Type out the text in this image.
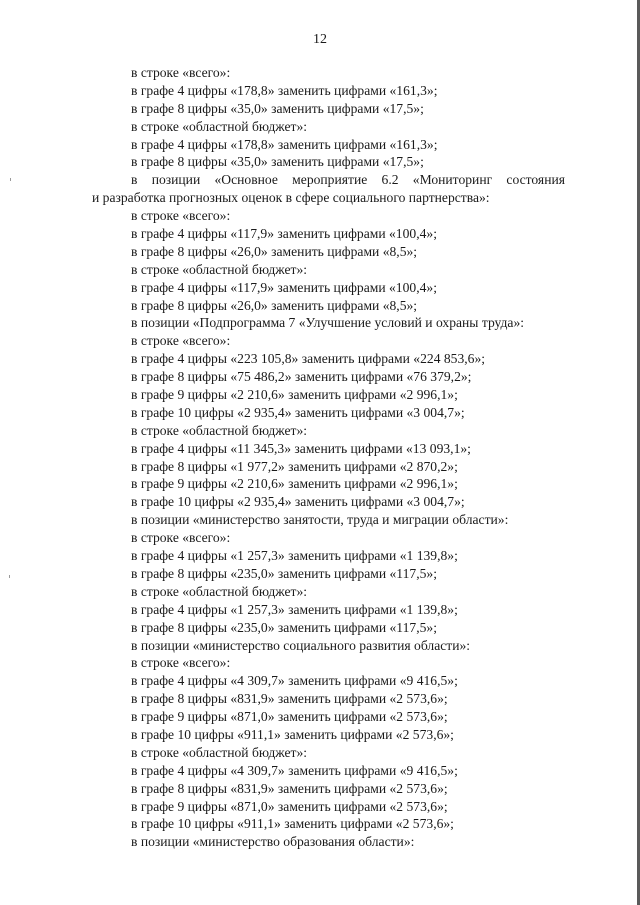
12
в строке «всего»:
в графе 4 цифры «178,8» заменить цифрами «161,3»;
в графе 8 цифры «35,0» заменить цифрами «17,5»;
в строке «областной бюджет»:
в графе 4 цифры «178,8» заменить цифрами «161,3»;
в графе 8 цифры «35,0» заменить цифрами «17,5»;
в позиции «Основное мероприятие 6.2 «Мониторинг состояния
и разработка прогнозных оценок в сфере социального партнерства»:
в строке «всего»:
в графе 4 цифры «117,9» заменить цифрами «100,4»;
в графе 8 цифры «26,0» заменить цифрами «8,5»;
в строке «областной бюджет»:
в графе 4 цифры «117,9» заменить цифрами «100,4»;
в графе 8 цифры «26,0» заменить цифрами «8,5»;
в позиции «Подпрограмма 7 «Улучшение условий и охраны труда»:
в строке «всего»:
в графе 4 цифры «223 105,8» заменить цифрами «224 853,6»;
в графе 8 цифры «75 486,2» заменить цифрами «76 379,2»;
в графе 9 цифры «2 210,6» заменить цифрами «2 996,1»;
в графе 10 цифры «2 935,4» заменить цифрами «3 004,7»;
в строке «областной бюджет»:
в графе 4 цифры «11 345,3» заменить цифрами «13 093,1»;
в графе 8 цифры «1 977,2» заменить цифрами «2 870,2»;
в графе 9 цифры «2 210,6» заменить цифрами «2 996,1»;
в графе 10 цифры «2 935,4» заменить цифрами «3 004,7»;
в позиции «министерство занятости, труда и миграции области»:
в строке «всего»:
в графе 4 цифры «1 257,3» заменить цифрами «1 139,8»;
в графе 8 цифры «235,0» заменить цифрами «117,5»;
в строке «областной бюджет»:
в графе 4 цифры «1 257,3» заменить цифрами «1 139,8»;
в графе 8 цифры «235,0» заменить цифрами «117,5»;
в позиции «министерство социального развития области»:
в строке «всего»:
в графе 4 цифры «4 309,7» заменить цифрами «9 416,5»;
в графе 8 цифры «831,9» заменить цифрами «2 573,6»;
в графе 9 цифры «871,0» заменить цифрами «2 573,6»;
в графе 10 цифры «911,1» заменить цифрами «2 573,6»;
в строке «областной бюджет»:
в графе 4 цифры «4 309,7» заменить цифрами «9 416,5»;
в графе 8 цифры «831,9» заменить цифрами «2 573,6»;
в графе 9 цифры «871,0» заменить цифрами «2 573,6»;
в графе 10 цифры «911,1» заменить цифрами «2 573,6»;
в позиции «министерство образования области»:
